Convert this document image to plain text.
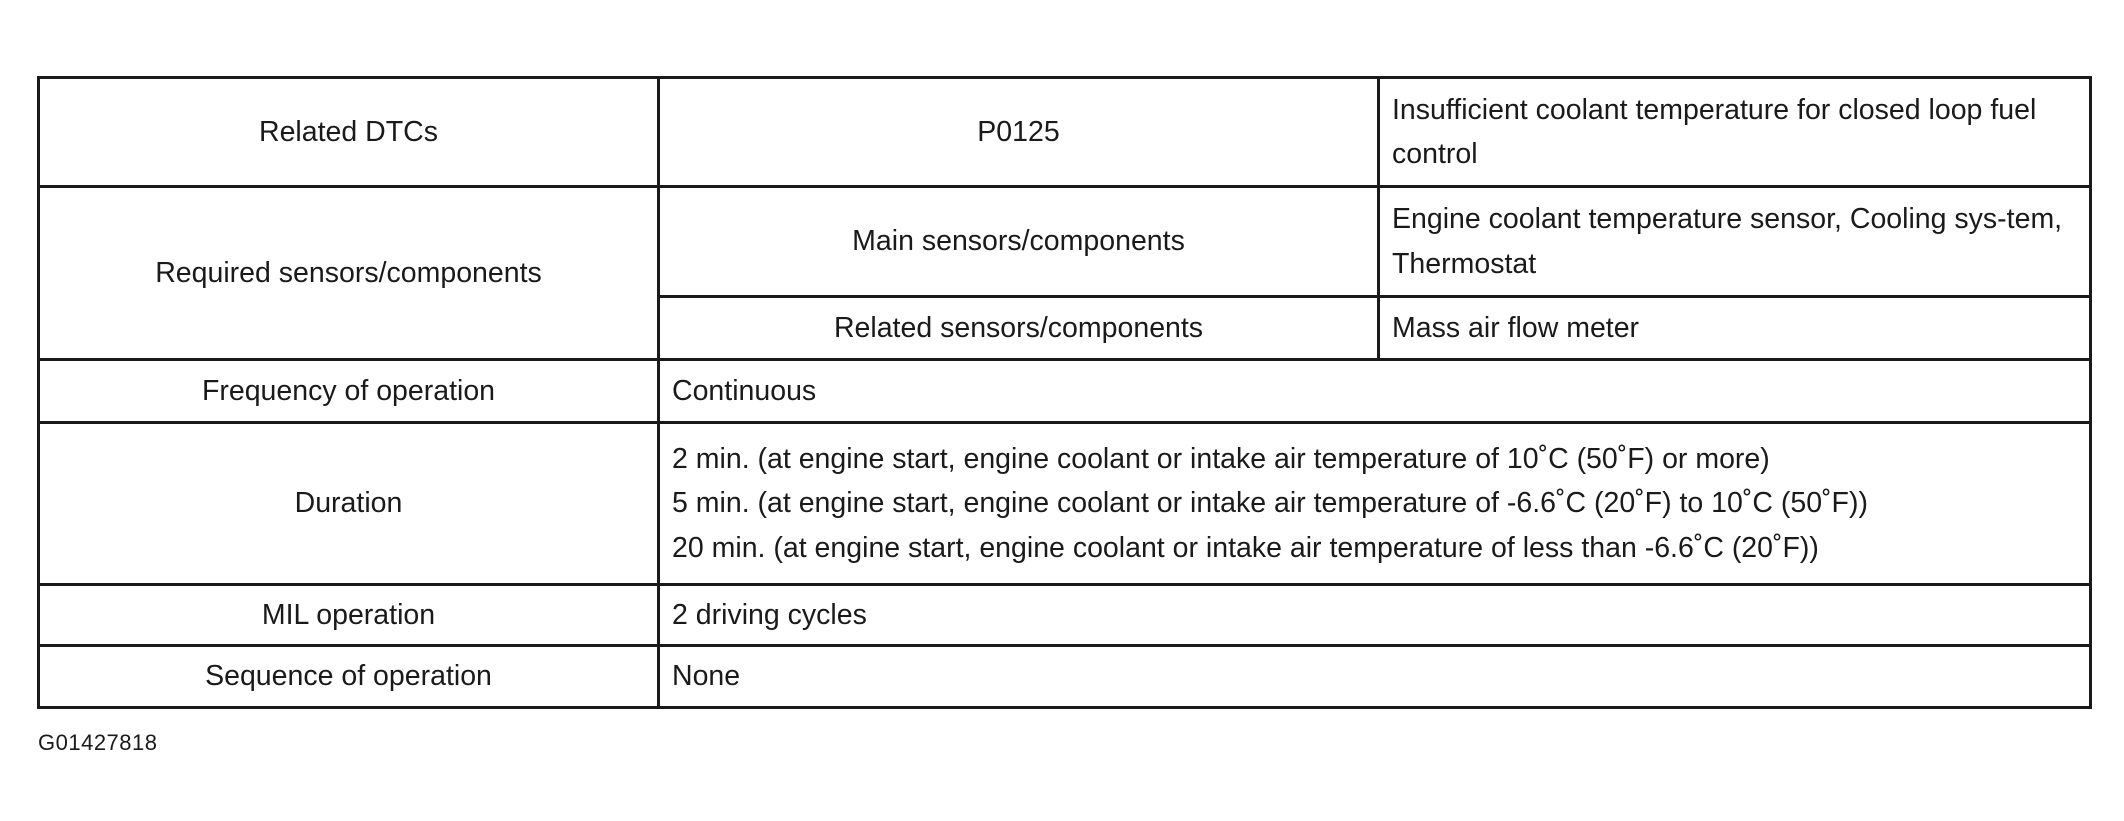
Related DTCs	P0125	Insufficient coolant temperature for closed loop fuel control
Required sensors/components	Main sensors/components	Engine coolant temperature sensor, Cooling sys-tem, Thermostat
	Related sensors/components	Mass air flow meter
Frequency of operation	Continuous	
Duration	2 min. (at engine start, engine coolant or intake air temperature of 10˚C (50˚F) or more)
5 min. (at engine start, engine coolant or intake air temperature of -6.6˚C (20˚F) to 10˚C (50˚F))
20 min. (at engine start, engine coolant or intake air temperature of less than -6.6˚C (20˚F))	

MIL operation	2 driving cycles	
Sequence of operation	None	
G01427818
